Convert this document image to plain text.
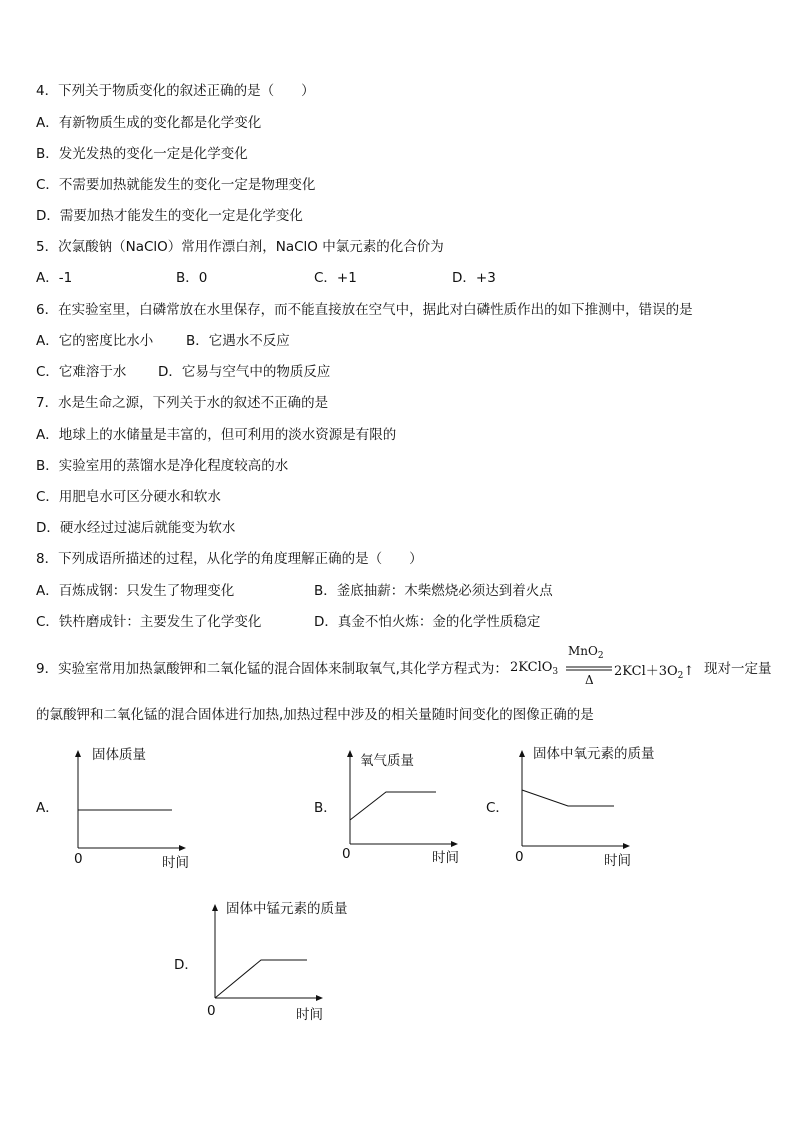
4．下列关于物质变化的叙述正确的是（　　）
A．有新物质生成的变化都是化学变化
B．发光发热的变化一定是化学变化
C．不需要加热就能发生的变化一定是物理变化
D．需要加热才能发生的变化一定是化学变化
5．次氯酸钠（NaClO）常用作漂白剂，NaClO 中氯元素的化合价为
A．-1	B．0	C．+1	D．+3
6．在实验室里，白磷常放在水里保存，而不能直接放在空气中，据此对白磷性质作出的如下推测中，错误的是
A．它的密度比水小 B．它遇水不反应
C．它难溶于水 D．它易与空气中的物质反应
7．水是生命之源，下列关于水的叙述不正确的是
A．地球上的水储量是丰富的，但可利用的淡水资源是有限的
B．实验室用的蒸馏水是净化程度较高的水
C．用肥皂水可区分硬水和软水
D．硬水经过过滤后就能变为软水
8．下列成语所描述的过程，从化学的角度理解正确的是（　　）
A．百炼成钢：只发生了物理变化	B．釜底抽薪：木柴燃烧必须达到着火点
C．铁杵磨成针：主要发生了化学变化	D．真金不怕火炼：金的化学性质稳定
9．实验室常用加热氯酸钾和二氧化锰的混合固体来制取氧气,其化学方程式为： 2KClO$_3$
MnO$_2$
Δ
$2KCl+3O_2↑$ 现对一定量
的氯酸钾和二氧化锰的混合固体进行加热,加热过程中涉及的相关量随时间变化的图像正确的是
A．
固体质量
时间
0
B．
氧气质量
时间
0
C．
固体中氧元素的质量
时间
0
D．
固体中锰元素的质量
时间
0
